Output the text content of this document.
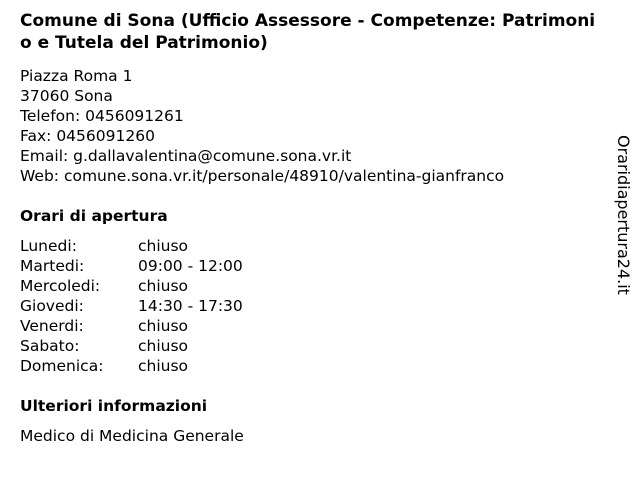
Comune di Sona (Ufficio Assessore - Competenze: Patrimonio e Tutela del Patrimonio)
Piazza Roma 1
37060 Sona
Telefon: 0456091261
Fax: 0456091260
Email: g.dallavalentina@comune.sona.vr.it
Web: comune.sona.vr.it/personale/48910/valentina-gianfranco
Orari di apertura
Lunedi:	chiuso
Martedi:	09:00 - 12:00
Mercoledi:	chiuso
Giovedi:	14:30 - 17:30
Venerdi:	chiuso
Sabato:	chiuso
Domenica:	chiuso
Ulteriori informazioni
Medico di Medicina Generale
Oraridiapertura24.it
